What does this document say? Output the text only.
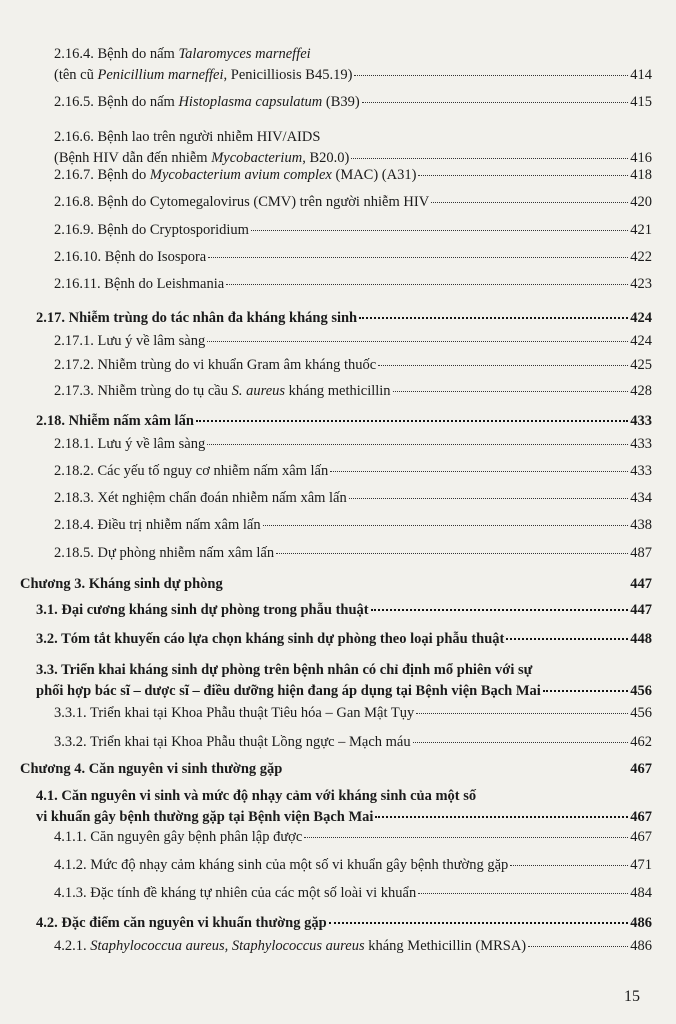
2.16.4. Bệnh do nấm Talaromyces marneffei
(tên cũ Penicillium marneffei, Penicilliosis B45.19)	414
2.16.5. Bệnh do nấm Histoplasma capsulatum (B39)	415
2.16.6. Bệnh lao trên người nhiễm HIV/AIDS
(Bệnh HIV dẫn đến nhiễm Mycobacterium, B20.0)	416
2.16.7. Bệnh do Mycobacterium avium complex (MAC) (A31)	418
2.16.8. Bệnh do Cytomegalovirus (CMV) trên người nhiễm HIV	420
2.16.9. Bệnh do Cryptosporidium	421
2.16.10. Bệnh do Isospora	422
2.16.11. Bệnh do Leishmania	423
2.17. Nhiễm trùng do tác nhân đa kháng kháng sinh	424
2.17.1. Lưu ý về lâm sàng	424
2.17.2. Nhiễm trùng do vi khuẩn Gram âm kháng thuốc	425
2.17.3. Nhiễm trùng do tụ cầu S. aureus kháng methicillin	428
2.18. Nhiễm nấm xâm lấn	433
2.18.1. Lưu ý về lâm sàng	433
2.18.2. Các yếu tố nguy cơ nhiễm nấm xâm lấn	433
2.18.3. Xét nghiệm chẩn đoán nhiễm nấm xâm lấn	434
2.18.4. Điều trị nhiễm nấm xâm lấn	438
2.18.5. Dự phòng nhiễm nấm xâm lấn	487
Chương 3. Kháng sinh dự phòng	447
3.1. Đại cương kháng sinh dự phòng trong phẫu thuật	447
3.2. Tóm tắt khuyến cáo lựa chọn kháng sinh dự phòng theo loại phẫu thuật	448
3.3. Triển khai kháng sinh dự phòng trên bệnh nhân có chỉ định mổ phiên với sự
phối hợp bác sĩ – dược sĩ – điều dưỡng hiện đang áp dụng tại Bệnh viện Bạch Mai	456
3.3.1. Triển khai tại Khoa Phẫu thuật Tiêu hóa – Gan Mật Tụy	456
3.3.2. Triển khai tại Khoa Phẫu thuật Lồng ngực – Mạch máu	462
Chương 4. Căn nguyên vi sinh thường gặp	467
4.1. Căn nguyên vi sinh và mức độ nhạy cảm với kháng sinh của một số
vi khuẩn gây bệnh thường gặp tại Bệnh viện Bạch Mai	467
4.1.1. Căn nguyên gây bệnh phân lập được	467
4.1.2. Mức độ nhạy cảm kháng sinh của một số vi khuẩn gây bệnh thường gặp	471
4.1.3. Đặc tính đề kháng tự nhiên của các một số loài vi khuẩn	484
4.2. Đặc điểm căn nguyên vi khuẩn thường gặp	486
4.2.1. Staphylococcua aureus, Staphylococcus aureus kháng Methicillin (MRSA)	486
15
